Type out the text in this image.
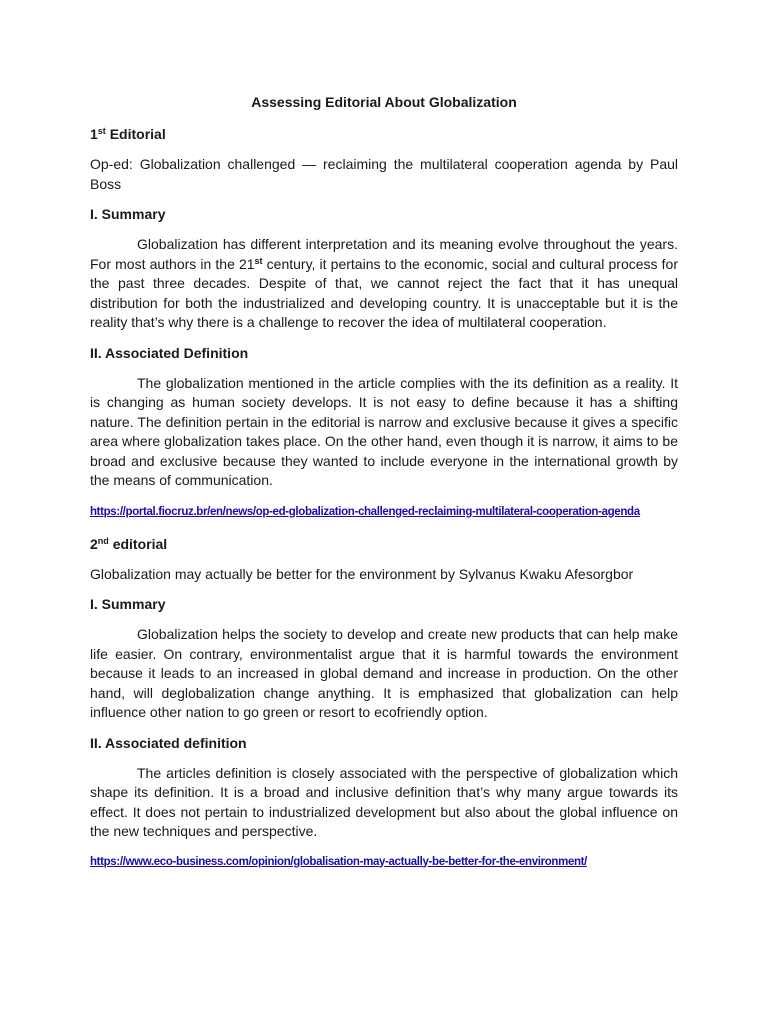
Assessing Editorial About Globalization
1st Editorial

Op-ed: Globalization challenged — reclaiming the multilateral cooperation agenda by Paul Boss

I. Summary

Globalization has different interpretation and its meaning evolve throughout the years. For most authors in the 21st century, it pertains to the economic, social and cultural process for the past three decades. Despite of that, we cannot reject the fact that it has unequal distribution for both the industrialized and developing country. It is unacceptable but it is the reality that’s why there is a challenge to recover the idea of multilateral cooperation.

II. Associated Definition

The globalization mentioned in the article complies with the its definition as a reality. It is changing as human society develops. It is not easy to define because it has a shifting nature. The definition pertain in the editorial is narrow and exclusive because it gives a specific area where globalization takes place. On the other hand, even though it is narrow, it aims to be broad and exclusive because they wanted to include everyone in the international growth by the means of communication.

https://portal.fiocruz.br/en/news/op-ed-globalization-challenged-reclaiming-multilateral-cooperation-agenda
2nd editorial

Globalization may actually be better for the environment by Sylvanus Kwaku Afesorgbor

I. Summary

Globalization helps the society to develop and create new products that can help make life easier. On contrary, environmentalist argue that it is harmful towards the environment because it leads to an increased in global demand and increase in production. On the other hand, will deglobalization change anything. It is emphasized that globalization can help influence other nation to go green or resort to ecofriendly option.

II. Associated definition

The articles definition is closely associated with the perspective of globalization which shape its definition. It is a broad and inclusive definition that’s why many argue towards its effect. It does not pertain to industrialized development but also about the global influence on the new techniques and perspective.

https://www.eco-business.com/opinion/globalisation-may-actually-be-better-for-the-environment/
